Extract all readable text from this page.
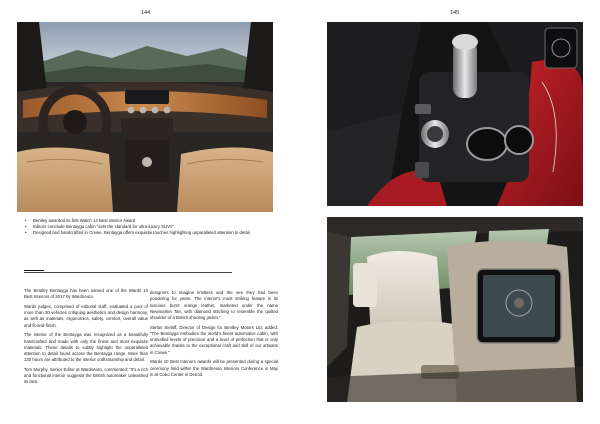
144	145
• Bentley awarded its first Watch 14 Best Interior Award
• Editors conclude Bentayga cabin "sets the standard for ultra-luxury SUVs"
• Designed and handcrafted in Crewe, Bentayga offers exquisite touches highlighting unparalleled attention to detail

The Bentley Bentayga has been named one of the Wards 10 Best Interiors of 2017 by WardsAuto.

Wards judges, comprised of editorial staff, evaluated a pool of more than 30 vehicles critiquing aesthetics and design harmony, as well as materials, ergonomics, safety, comfort, overall value and fit-and-finish.

The interior of the Bentayga was recognized as a beautifully handcrafted and made with only the finest and most exquisite materials. These details to subtly highlight the unparalleled attention to detail found across the Bentayga range. More than 130 hours are attributed to the interior craftsmanship and detail.

Tom Murphy, Senior Editor at WardsAuto, commented: "It's a rich and functional interior suggests the British automaker unleashed its best

designers to imagine limitless and the see they had been pondering for years. The interior's most striking feature is its luscious burnt orange leather, marketed under the name Newmarket Tan, with diamond stitching to resemble the quilted shoulder of a British shooting jacket."

Stefan Sielaff, Director of Design for Bentley Motors Ltd, added: "The Bentayga embodies the world's finest automotive cabin, with unrivalled levels of precision and a level of perfection that is only achievable thanks to the exceptional craft and skill of our artisans in Crewe."

Wards 10 Best Interiors awards will be presented during a special ceremony held within the WardsAuto Interiors Conference in May in at Cobo Center in Detroit.
